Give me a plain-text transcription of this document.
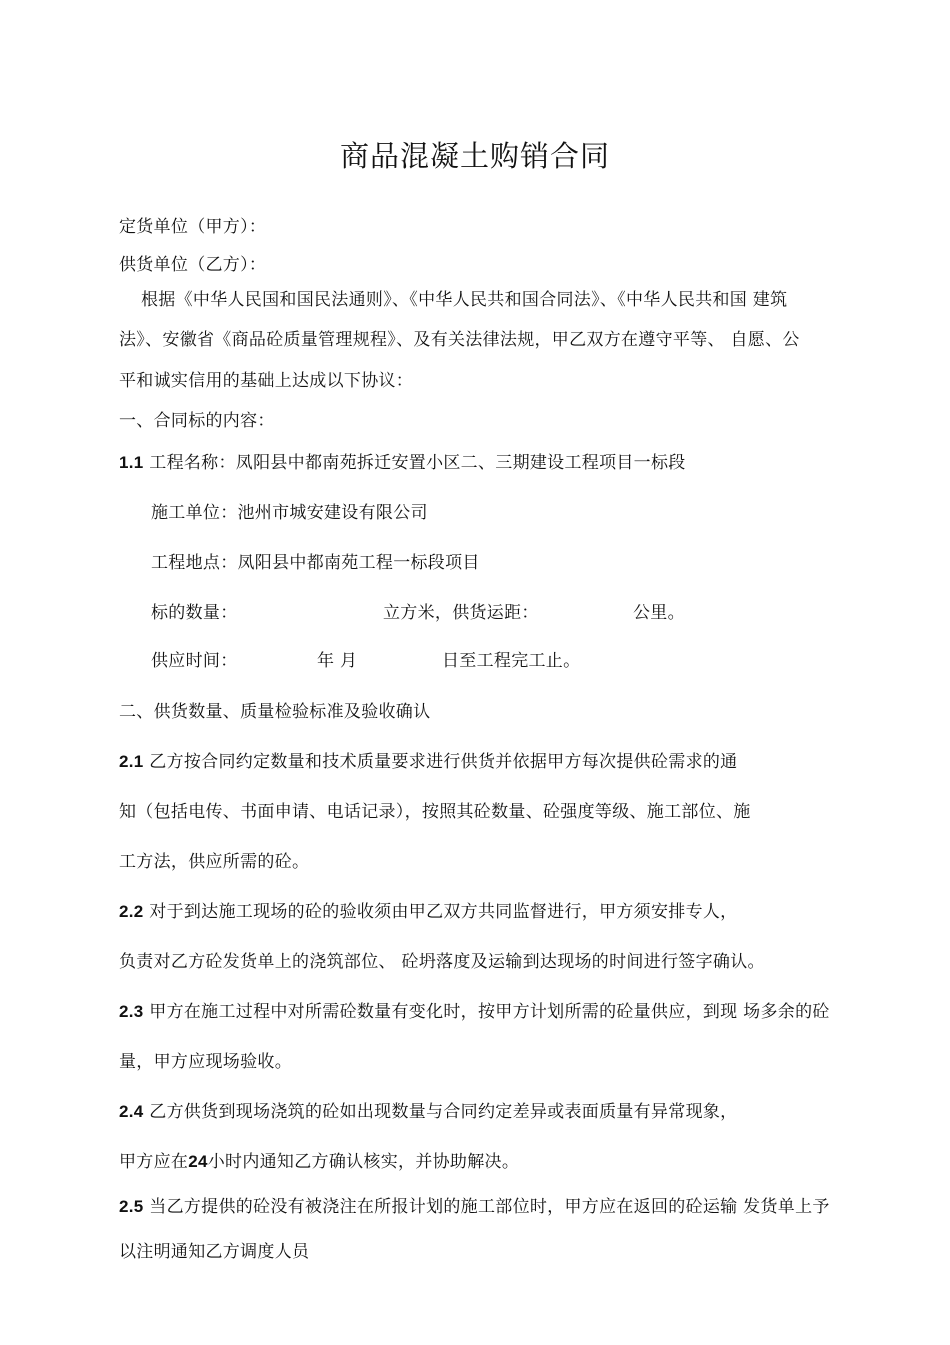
商品混凝土购销合同
定货单位（甲方）：
供货单位（乙方）：
根据《中华人民国和国民法通则》、《中华人民共和国合同法》、《中华人民共和国 建筑
法》、安徽省《商品砼质量管理规程》、及有关法律法规，甲乙双方在遵守平等、 自愿、公
平和诚实信用的基础上达成以下协议：
一、合同标的内容：
1.1 工程名称：凤阳县中都南苑拆迁安置小区二、三期建设工程项目一标段
施工单位：池州市城安建设有限公司
工程地点：凤阳县中都南苑工程一标段项目
标的数量：	立方米，供货运距：	公里。
供应时间：	年 月	日至工程完工止。
二、供货数量、质量检验标准及验收确认
2.1 乙方按合同约定数量和技术质量要求进行供货并依据甲方每次提供砼需求的通
知（包括电传、书面申请、电话记录），按照其砼数量、砼强度等级、施工部位、施
工方法，供应所需的砼。
2.2 对于到达施工现场的砼的验收须由甲乙双方共同监督进行，甲方须安排专人，
负责对乙方砼发货单上的浇筑部位、 砼坍落度及运输到达现场的时间进行签字确认。
2.3 甲方在施工过程中对所需砼数量有变化时，按甲方计划所需的砼量供应，到现 场多余的砼
量，甲方应现场验收。
2.4 乙方供货到现场浇筑的砼如出现数量与合同约定差异或表面质量有异常现象，
甲方应在24小时内通知乙方确认核实，并协助解决。
2.5 当乙方提供的砼没有被浇注在所报计划的施工部位时，甲方应在返回的砼运输 发货单上予
以注明通知乙方调度人员
